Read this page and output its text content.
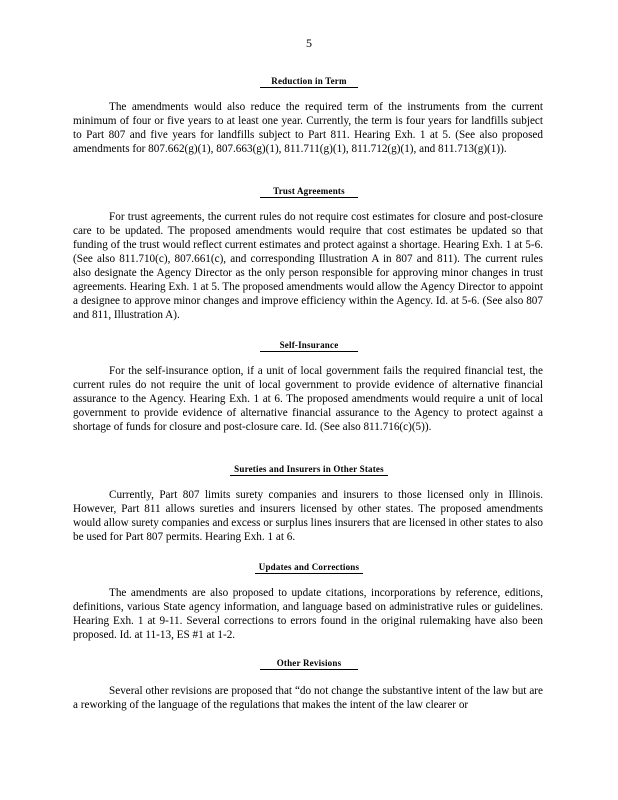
5
Reduction in Term

The amendments would also reduce the required term of the instruments from the current minimum of four or five years to at least one year. Currently, the term is four years for landfills subject to Part 807 and five years for landfills subject to Part 811. Hearing Exh. 1 at 5. (See also proposed amendments for 807.662(g)(1), 807.663(g)(1), 811.711(g)(1), 811.712(g)(1), and 811.713(g)(1)).

Trust Agreements

For trust agreements, the current rules do not require cost estimates for closure and post-closure care to be updated. The proposed amendments would require that cost estimates be updated so that funding of the trust would reflect current estimates and protect against a shortage. Hearing Exh. 1 at 5-6. (See also 811.710(c), 807.661(c), and corresponding Illustration A in 807 and 811). The current rules also designate the Agency Director as the only person responsible for approving minor changes in trust agreements. Hearing Exh. 1 at 5. The proposed amendments would allow the Agency Director to appoint a designee to approve minor changes and improve efficiency within the Agency. Id. at 5-6. (See also 807 and 811, Illustration A).

Self-Insurance

For the self-insurance option, if a unit of local government fails the required financial test, the current rules do not require the unit of local government to provide evidence of alternative financial assurance to the Agency. Hearing Exh. 1 at 6. The proposed amendments would require a unit of local government to provide evidence of alternative financial assurance to the Agency to protect against a shortage of funds for closure and post-closure care. Id. (See also 811.716(c)(5)).

Sureties and Insurers in Other States

Currently, Part 807 limits surety companies and insurers to those licensed only in Illinois. However, Part 811 allows sureties and insurers licensed by other states. The proposed amendments would allow surety companies and excess or surplus lines insurers that are licensed in other states to also be used for Part 807 permits. Hearing Exh. 1 at 6.

Updates and Corrections

The amendments are also proposed to update citations, incorporations by reference, editions, definitions, various State agency information, and language based on administrative rules or guidelines. Hearing Exh. 1 at 9-11. Several corrections to errors found in the original rulemaking have also been proposed. Id. at 11-13, ES #1 at 1-2.

Other Revisions

Several other revisions are proposed that “do not change the substantive intent of the law but are a reworking of the language of the regulations that makes the intent of the law clearer or
